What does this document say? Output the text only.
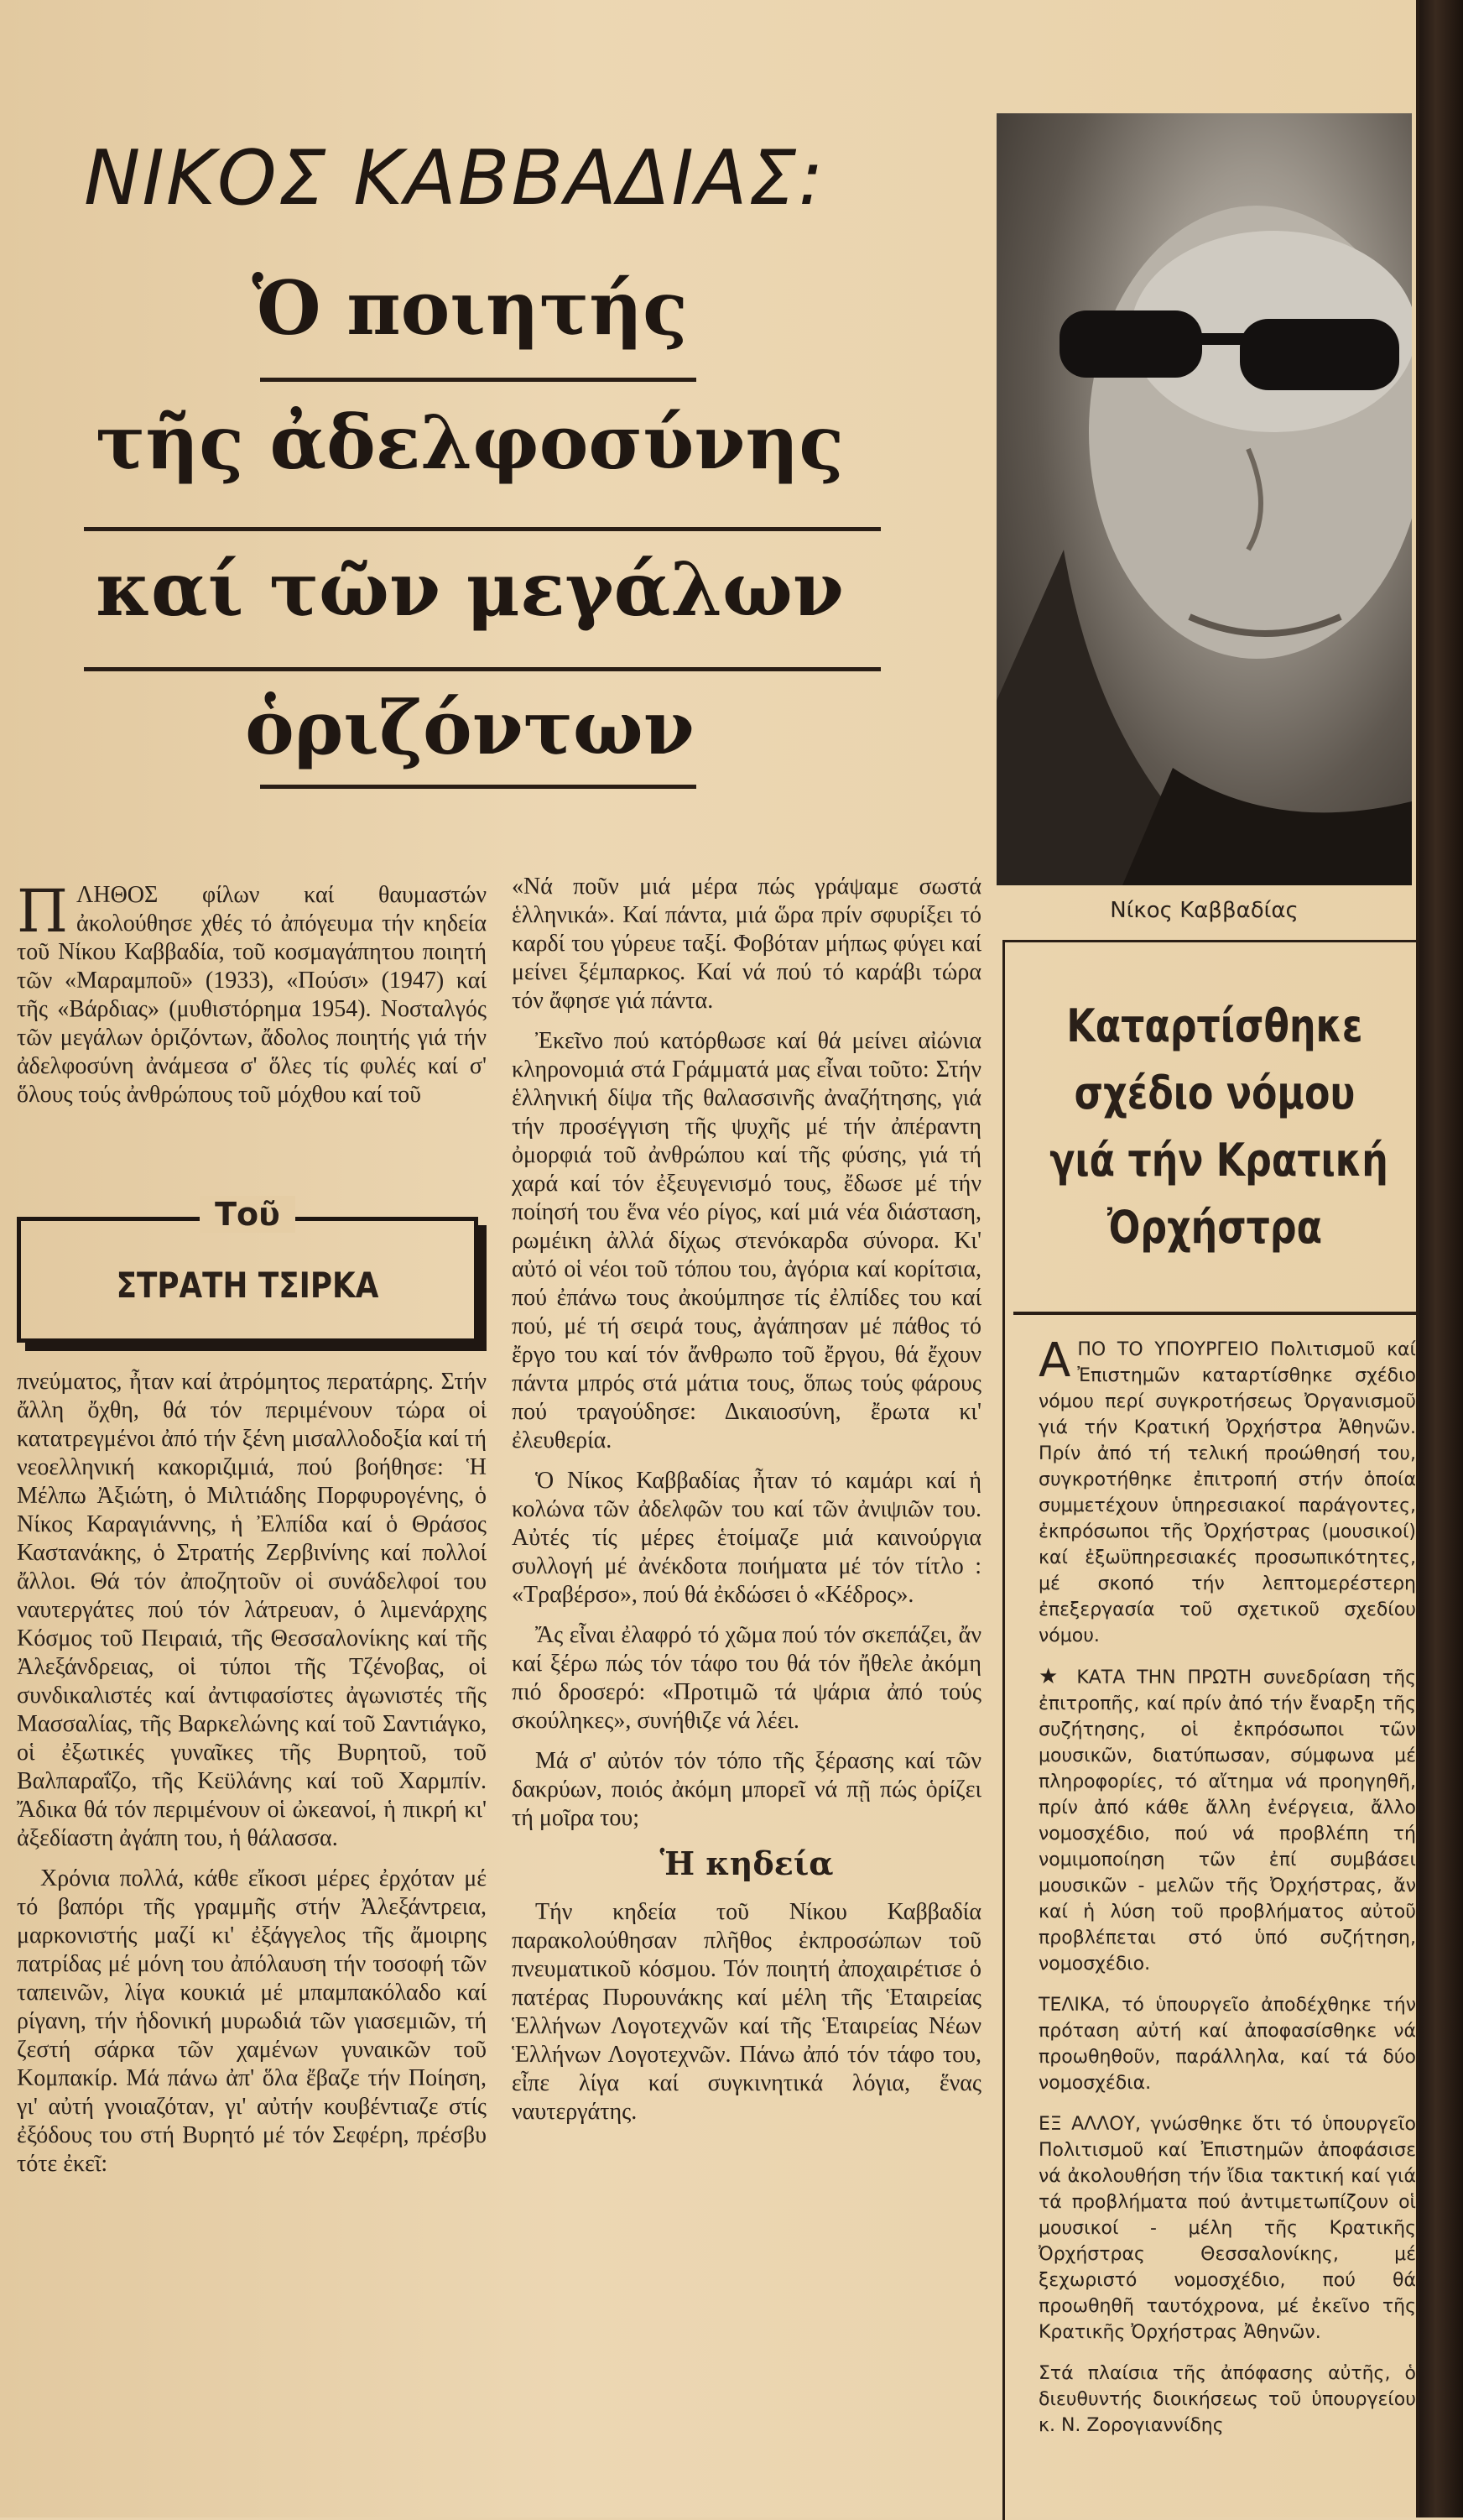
ΝΙΚΟΣ ΚΑΒΒΑΔΙΑΣ:
Ὁ ποιητής
τῆς ἀδελφοσύνης
καί τῶν μεγάλων
ὁριζόντων
Νίκος Καββαδίας

ΠΛΗΘΟΣ φίλων καί θαυμαστών ἀκολούθησε χθές τό ἀπόγευμα τήν κηδεία τοῦ Νίκου Καββαδία, τοῦ κοσμαγάπητου ποιητή τῶν «Μαραμποῦ» (1933), «Πούσι» (1947) καί τῆς «Βάρδιας» (μυθιστόρημα 1954). Νοσταλγός τῶν μεγάλων ὁριζόντων, ἄδολος ποιητής γιά τήν ἀδελφοσύνη ἀνάμεσα σ' ὅλες τίς φυλές καί σ' ὅλους τούς ἀνθρώπους τοῦ μόχθου καί τοῦ

Τοῦ
ΣΤΡΑΤΗ ΤΣΙΡΚΑ

πνεύματος, ἦταν καί ἀτρόμητος περατάρης. Στήν ἄλλη ὄχθη, θά τόν περιμένουν τώρα οἱ κατατρεγμένοι ἀπό τήν ξένη μισαλλοδοξία καί τή νεοελληνική κακοριζιμιά, πού βοήθησε: Ἡ Μέλπω Ἀξιώτη, ὁ Μιλτιάδης Πορφυρογένης, ὁ Νίκος Καραγιάννης, ἡ Ἐλπίδα καί ὁ Θράσος Καστανάκης, ὁ Στρατής Ζερβινίνης καί πολλοί ἄλλοι. Θά τόν ἀποζητοῦν οἱ συνάδελφοί του ναυτεργάτες πού τόν λάτρευαν, ὁ λιμενάρχης Κόσμος τοῦ Πειραιά, τῆς Θεσσαλονίκης καί τῆς Ἀλεξάνδρειας, οἱ τύποι τῆς Τζένοβας, οἱ συνδικαλιστές καί ἀντιφασίστες ἀγωνιστές τῆς Μασσαλίας, τῆς Βαρκελώνης καί τοῦ Σαντιάγκο, οἱ ἐξωτικές γυναῖκες τῆς Βυρητοῦ, τοῦ Βαλπαραΐζο, τῆς Κεϋλάνης καί τοῦ Χαρμπίν. Ἄδικα θά τόν περιμένουν οἱ ὠκεανοί, ἡ πικρή κι' ἀξεδίαστη ἀγάπη του, ἡ θάλασσα.

Χρόνια πολλά, κάθε εἴκοσι μέρες ἐρχόταν μέ τό βαπόρι τῆς γραμμῆς στήν Ἀλεξάντρεια, μαρκονιστής μαζί κι' ἐξάγγελος τῆς ἄμοιρης πατρίδας μέ μόνη του ἀπόλαυση τήν τοσοφή τῶν ταπεινῶν, λίγα κουκιά μέ μπαμπακόλαδο καί ρίγανη, τήν ἡδονική μυρωδιά τῶν γιασεμιῶν, τή ζεστή σάρκα τῶν χαμένων γυναικῶν τοῦ Κομπακίρ. Μά πάνω ἀπ' ὅλα ἔβαζε τήν Ποίηση, γι' αὐτή γνοιαζόταν, γι' αὐτήν κουβέντιαζε στίς ἐξόδους του στή Βυρητό μέ τόν Σεφέρη, πρέσβυ τότε ἐκεῖ:

«Νά ποῦν μιά μέρα πώς γράψαμε σωστά ἑλληνικά». Καί πάντα, μιά ὥρα πρίν σφυρίξει τό καρδί του γύρευε ταξί. Φοβόταν μήπως φύγει καί μείνει ξέμπαρκος. Καί νά πού τό καράβι τώρα τόν ἄφησε γιά πάντα.

Ἐκεῖνο πού κατόρθωσε καί θά μείνει αἰώνια κληρονομιά στά Γράμματά μας εἶναι τοῦτο: Στήν ἑλληνική δίψα τῆς θαλασσινῆς ἀναζήτησης, γιά τήν προσέγγιση τῆς ψυχῆς μέ τήν ἀπέραντη ὀμορφιά τοῦ ἀνθρώπου καί τῆς φύσης, γιά τή χαρά καί τόν ἐξευγενισμό τους, ἔδωσε μέ τήν ποίησή του ἕνα νέο ρίγος, καί μιά νέα διάσταση, ρωμέικη ἀλλά δίχως στενόκαρδα σύνορα. Κι' αὐτό οἱ νέοι τοῦ τόπου του, ἀγόρια καί κορίτσια, πού ἐπάνω τους ἀκούμπησε τίς ἐλπίδες του καί πού, μέ τή σειρά τους, ἀγάπησαν μέ πάθος τό ἔργο του καί τόν ἄνθρωπο τοῦ ἔργου, θά ἔχουν πάντα μπρός στά μάτια τους, ὅπως τούς φάρους πού τραγούδησε: Δικαιοσύνη, ἔρωτα κι' ἐλευθερία.

Ὁ Νίκος Καββαδίας ἦταν τό καμάρι καί ἡ κολώνα τῶν ἀδελφῶν του καί τῶν ἀνιψιῶν του. Αὐτές τίς μέρες ἑτοίμαζε μιά καινούργια συλλογή μέ ἀνέκδοτα ποιήματα μέ τόν τίτλο : «Τραβέρσο», πού θά ἐκδώσει ὁ «Κέδρος».

Ἄς εἶναι ἐλαφρό τό χῶμα πού τόν σκεπάζει, ἄν καί ξέρω πώς τόν τάφο του θά τόν ἤθελε ἀκόμη πιό δροσερό: «Προτιμῶ τά ψάρια ἀπό τούς σκούληκες», συνήθιζε νά λέει.

Μά σ' αὐτόν τόν τόπο τῆς ξέρασης καί τῶν δακρύων, ποιός ἀκόμη μπορεῖ νά πῇ πώς ὁρίζει τή μοῖρα του;

Ἡ κηδεία

Τήν κηδεία τοῦ Νίκου Καββαδία παρακολούθησαν πλῆθος ἐκπροσώπων τοῦ πνευματικοῦ κόσμου. Τόν ποιητή ἀποχαιρέτισε ὁ πατέρας Πυρουνάκης καί μέλη τῆς Ἑταιρείας Ἑλλήνων Λογοτεχνῶν καί τῆς Ἑταιρείας Νέων Ἑλλήνων Λογοτεχνῶν. Πάνω ἀπό τόν τάφο του, εἶπε λίγα καί συγκινητικά λόγια, ἕνας ναυτεργάτης.

Καταρτίσθηκε
σχέδιο νόμου
γιά τήν Κρατική
Ὀρχήστρα

ΑΠΟ ΤΟ ΥΠΟΥΡΓΕΙΟ Πολιτισμοῦ καί Ἐπιστημῶν καταρτίσθηκε σχέδιο νόμου περί συγκροτήσεως Ὀργανισμοῦ γιά τήν Κρατική Ὀρχήστρα Ἀθηνῶν. Πρίν ἀπό τή τελική προώθησή του, συγκροτήθηκε ἐπιτροπή στήν ὁποία συμμετέχουν ὑπηρεσιακοί παράγοντες, ἐκπρόσωποι τῆς Ὀρχήστρας (μουσικοί) καί ἐξωϋπηρεσιακές προσωπικότητες, μέ σκοπό τήν λεπτομερέστερη ἐπεξεργασία τοῦ σχετικοῦ σχεδίου νόμου.

★ ΚΑΤΑ ΤΗΝ ΠΡΩΤΗ συνεδρίαση τῆς ἐπιτροπῆς, καί πρίν ἀπό τήν ἔναρξη τῆς συζήτησης, οἱ ἐκπρόσωποι τῶν μουσικῶν, διατύπωσαν, σύμφωνα μέ πληροφορίες, τό αἴτημα νά προηγηθῆ, πρίν ἀπό κάθε ἄλλη ἐνέργεια, ἄλλο νομοσχέδιο, πού νά προβλέπη τή νομιμοποίηση τῶν ἐπί συμβάσει μουσικῶν - μελῶν τῆς Ὀρχήστρας, ἄν καί ἡ λύση τοῦ προβλήματος αὐτοῦ προβλέπεται στό ὑπό συζήτηση, νομοσχέδιο.

ΤΕΛΙΚΑ, τό ὑπουργεῖο ἀποδέχθηκε τήν πρόταση αὐτή καί ἀποφασίσθηκε νά προωθηθοῦν, παράλληλα, καί τά δύο νομοσχέδια.

ΕΞ ΑΛΛΟΥ, γνώσθηκε ὅτι τό ὑπουργεῖο Πολιτισμοῦ καί Ἐπιστημῶν ἀποφάσισε νά ἀκολουθήση τήν ἴδια τακτική καί γιά τά προβλήματα πού ἀντιμετωπίζουν οἱ μουσικοί - μέλη τῆς Κρατικῆς Ὀρχήστρας Θεσσαλονίκης, μέ ξεχωριστό νομοσχέδιο, πού θά προωθηθῆ ταυτόχρονα, μέ ἐκεῖνο τῆς Κρατικῆς Ὀρχήστρας Ἀθηνῶν.

Στά πλαίσια τῆς ἀπόφασης αὐτῆς, ὁ διευθυντής διοικήσεως τοῦ ὑπουργείου κ. Ν. Ζορογιαννίδης
